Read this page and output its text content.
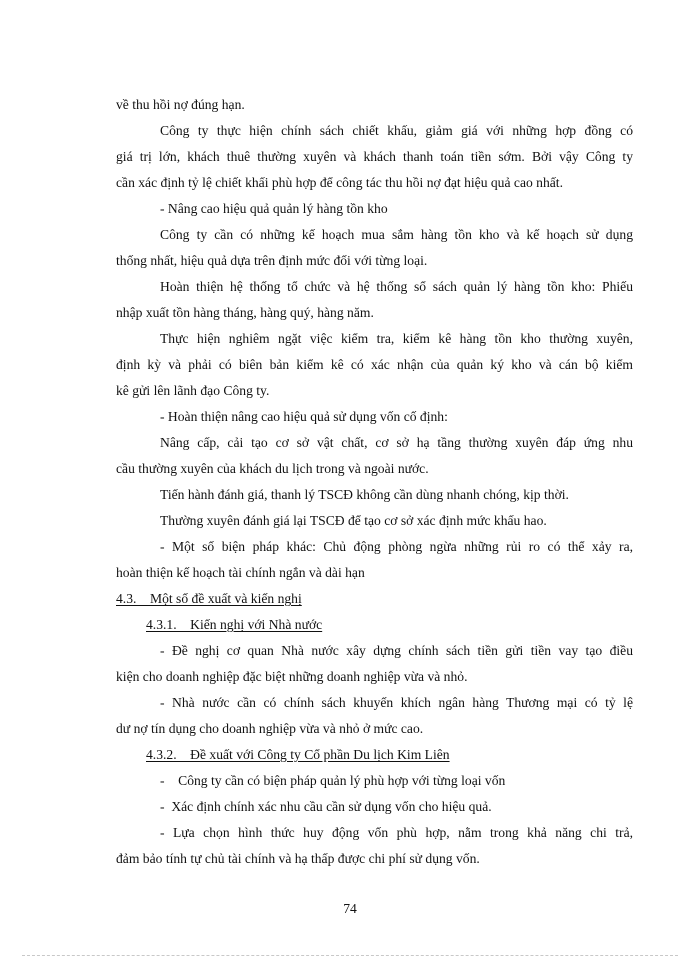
về thu hồi nợ đúng hạn.
Công ty thực hiện chính sách chiết khấu, giảm giá với những hợp đồng có
giá trị lớn, khách thuê thường xuyên và khách thanh toán tiền sớm. Bởi vậy Công ty
cần xác định tỷ lệ chiết khấi phù hợp để công tác thu hồi nợ đạt hiệu quả cao nhất.
- Nâng cao hiệu quả quản lý hàng tồn kho
Công ty cần có những kế hoạch mua sắm hàng tồn kho và kế hoạch sử dụng
thống nhất, hiệu quả dựa trên định mức đối với từng loại.
Hoàn thiện hệ thống tổ chức và hệ thống sổ sách quản lý hàng tồn kho: Phiếu
nhập xuất tồn hàng tháng, hàng quý, hàng năm.
Thực hiện nghiêm ngặt việc kiểm tra, kiểm kê hàng tồn kho thường xuyên,
định kỳ và phải có biên bản kiểm kê có xác nhận của quản ký kho và cán bộ kiểm
kê gửi lên lãnh đạo Công ty.
- Hoàn thiện nâng cao hiệu quả sử dụng vốn cố định:
Nâng cấp, cải tạo cơ sở vật chất, cơ sở hạ tầng thường xuyên đáp ứng nhu
cầu thường xuyên của khách du lịch trong và ngoài nước.
Tiến hành đánh giá, thanh lý TSCĐ không cần dùng nhanh chóng, kịp thời.
Thường xuyên đánh giá lại TSCĐ để tạo cơ sở xác định mức khấu hao.
- Một số biện pháp khác: Chủ động phòng ngừa những rủi ro có thể xảy ra,
hoàn thiện kế hoạch tài chính ngắn và dài hạn
4.3.    Một số đề xuất và kiến nghị
4.3.1.    Kiến nghị với Nhà nước
- Đề nghị cơ quan Nhà nước xây dựng chính sách tiền gửi tiền vay tạo điều
kiện cho doanh nghiệp đặc biệt những doanh nghiệp vừa và nhỏ.
- Nhà nước cần có chính sách khuyến khích ngân hàng Thương mại có tỷ lệ
dư nợ tín dụng cho doanh nghiệp vừa và nhỏ ở mức cao.
4.3.2.    Đề xuất với Công ty Cổ phần Du lịch Kim Liên
-    Công ty cần có biện pháp quản lý phù hợp với từng loại vốn
-  Xác định chính xác nhu cầu cần sử dụng vốn cho hiệu quả.
- Lựa chọn hình thức huy động vốn phù hợp, nằm trong khả năng chi trả,
đảm bảo tính tự chủ tài chính và hạ thấp được chi phí sử dụng vốn.
74
